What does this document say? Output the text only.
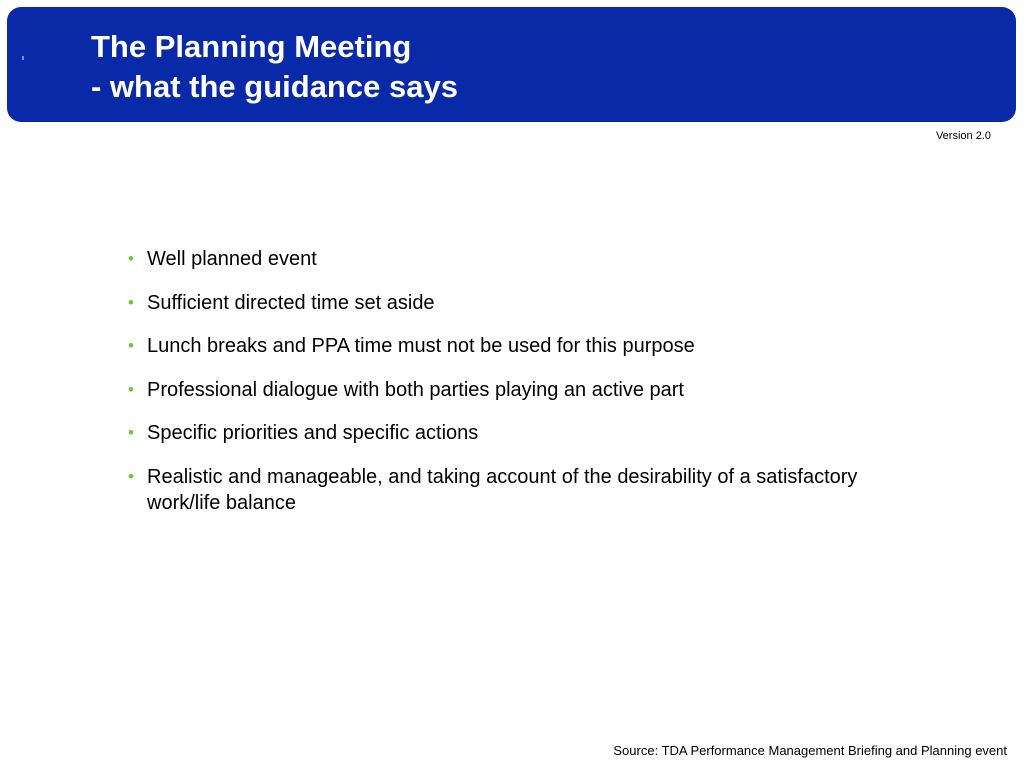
The Planning Meeting
- what the guidance says
Version 2.0
• Well planned event
• Sufficient directed time set aside
• Lunch breaks and PPA time must not be used for this purpose
• Professional dialogue with both parties playing an active part
• Specific priorities and specific actions
• Realistic and manageable, and taking account of the desirability of a satisfactory work/life balance
Source: TDA Performance Management Briefing and Planning event
